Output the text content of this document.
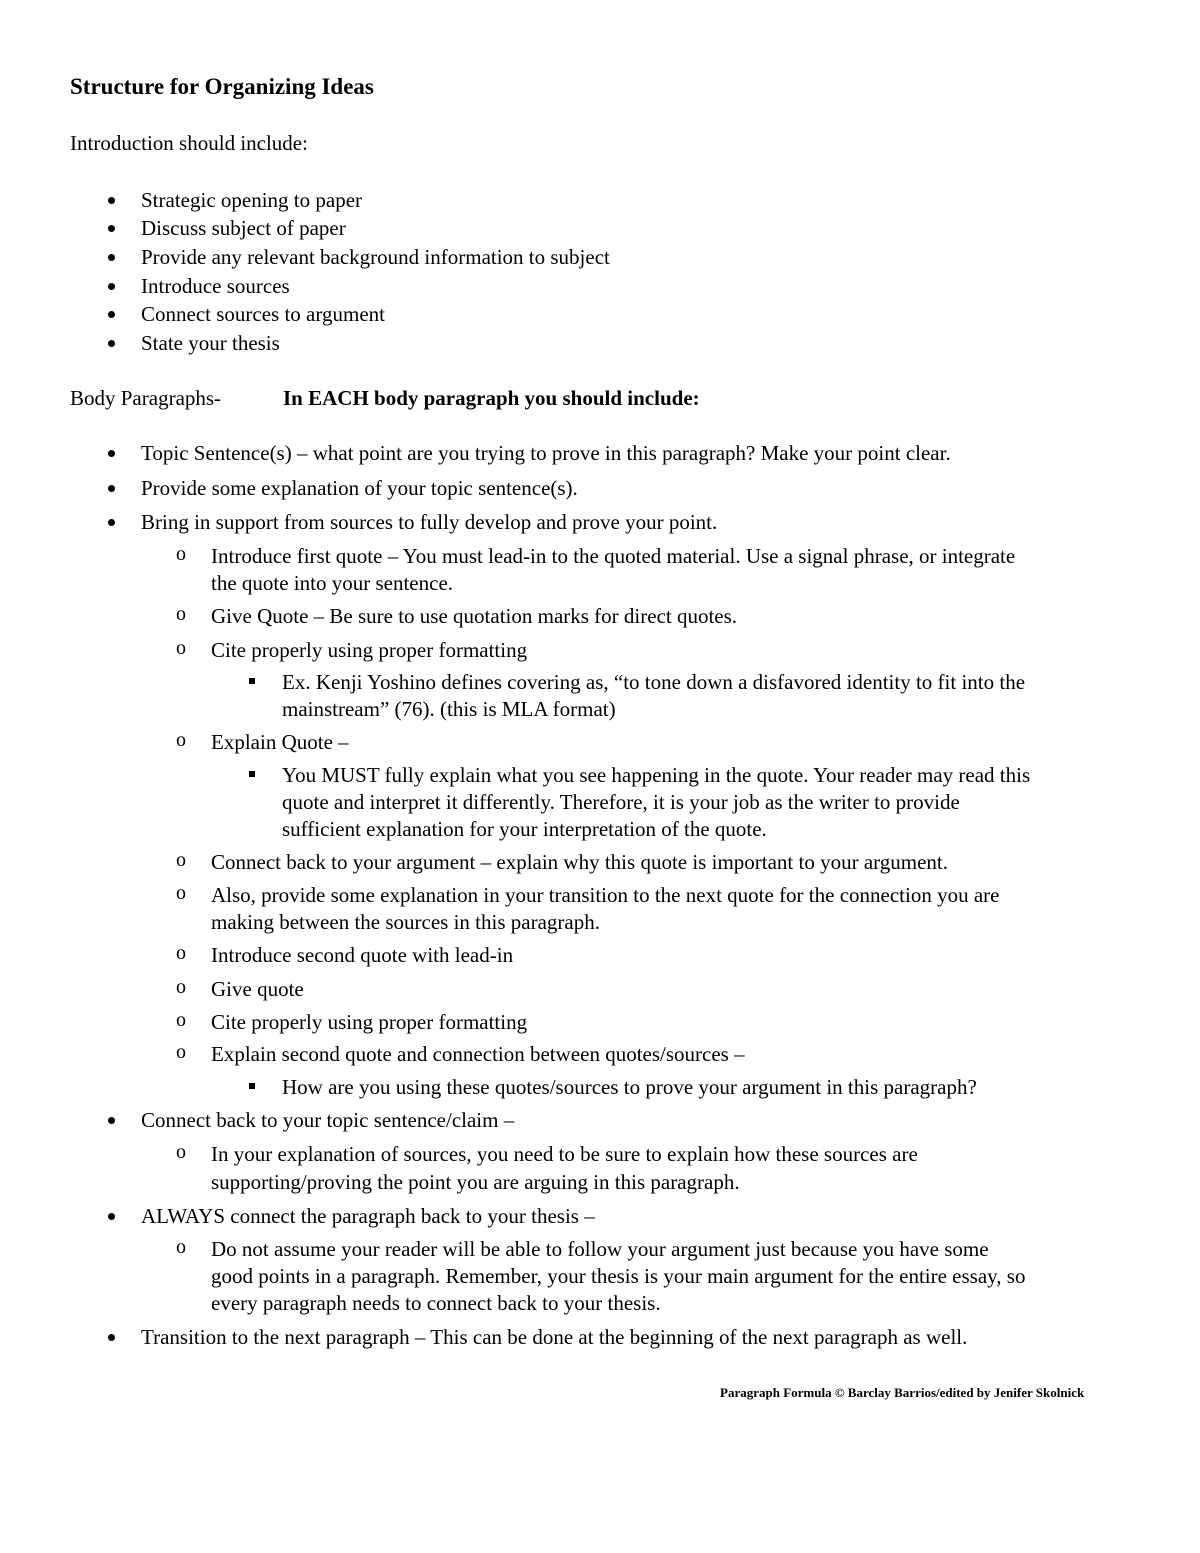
Structure for Organizing Ideas
Introduction should include:
Strategic opening to paper
Discuss subject of paper
Provide any relevant background information to subject
Introduce sources
Connect sources to argument
State your thesis
Body Paragraphs-	In EACH body paragraph you should include:
Topic Sentence(s) – what point are you trying to prove in this paragraph? Make your point clear.
Provide some explanation of your topic sentence(s).
Bring in support from sources to fully develop and prove your point.
o Introduce first quote – You must lead-in to the quoted material. Use a signal phrase, or integrate
the quote into your sentence.
o Give Quote – Be sure to use quotation marks for direct quotes.
o Cite properly using proper formatting
Ex. Kenji Yoshino defines covering as, “to tone down a disfavored identity to fit into the
mainstream” (76). (this is MLA format)
o Explain Quote –
You MUST fully explain what you see happening in the quote. Your reader may read this
quote and interpret it differently. Therefore, it is your job as the writer to provide
sufficient explanation for your interpretation of the quote.
o Connect back to your argument – explain why this quote is important to your argument.
o Also, provide some explanation in your transition to the next quote for the connection you are
making between the sources in this paragraph.
o Introduce second quote with lead-in
o Give quote
o Cite properly using proper formatting
o Explain second quote and connection between quotes/sources –
How are you using these quotes/sources to prove your argument in this paragraph?
Connect back to your topic sentence/claim –
o In your explanation of sources, you need to be sure to explain how these sources are
supporting/proving the point you are arguing in this paragraph.
ALWAYS connect the paragraph back to your thesis –
o Do not assume your reader will be able to follow your argument just because you have some
good points in a paragraph. Remember, your thesis is your main argument for the entire essay, so
every paragraph needs to connect back to your thesis.
Transition to the next paragraph – This can be done at the beginning of the next paragraph as well.
Paragraph Formula © Barclay Barrios/edited by Jenifer Skolnick
